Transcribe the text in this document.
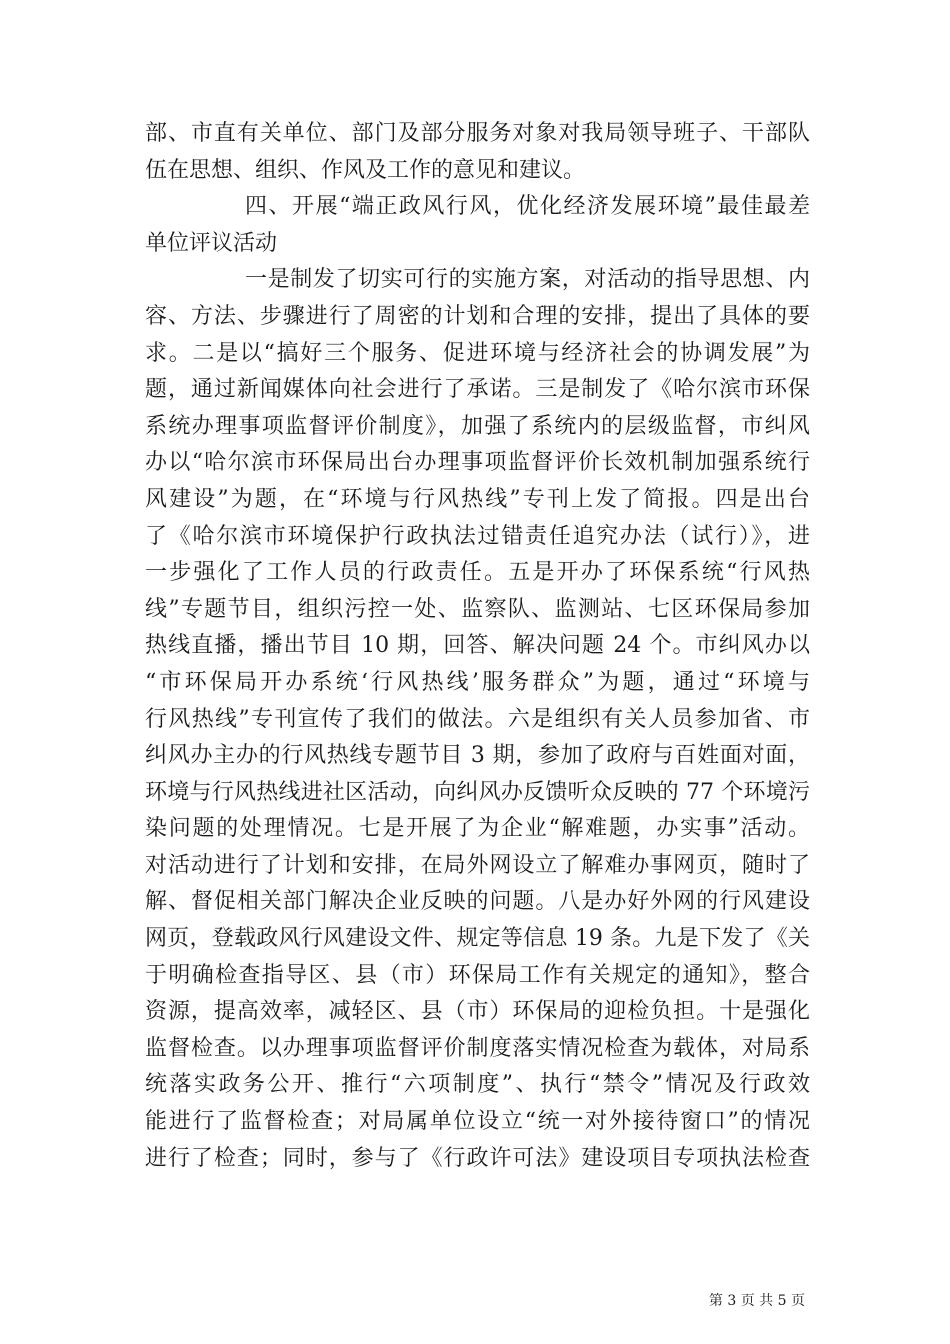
部、市直有关单位、部门及部分服务对象对我局领导班子、干部队
伍在思想、组织、作风及工作的意见和建议。
四、开展“端正政风行风，优化经济发展环境”最佳最差
单位评议活动
一是制发了切实可行的实施方案，对活动的指导思想、内
容、方法、步骤进行了周密的计划和合理的安排，提出了具体的要
求。二是以“搞好三个服务、促进环境与经济社会的协调发展”为
题，通过新闻媒体向社会进行了承诺。三是制发了《哈尔滨市环保
系统办理事项监督评价制度》，加强了系统内的层级监督，市纠风
办以“哈尔滨市环保局出台办理事项监督评价长效机制加强系统行
风建设”为题，在“环境与行风热线”专刊上发了简报。四是出台
了《哈尔滨市环境保护行政执法过错责任追究办法（试行）》，进
一步强化了工作人员的行政责任。五是开办了环保系统“行风热
线”专题节目，组织污控一处、监察队、监测站、七区环保局参加
热线直播，播出节目 10 期，回答、解决问题 24 个。市纠风办以
“市环保局开办系统‘行风热线’服务群众”为题，通过“环境与
行风热线”专刊宣传了我们的做法。六是组织有关人员参加省、市
纠风办主办的行风热线专题节目 3 期，参加了政府与百姓面对面，
环境与行风热线进社区活动，向纠风办反馈听众反映的 77 个环境污
染问题的处理情况。七是开展了为企业“解难题，办实事”活动。
对活动进行了计划和安排，在局外网设立了解难办事网页，随时了
解、督促相关部门解决企业反映的问题。八是办好外网的行风建设
网页，登载政风行风建设文件、规定等信息 19 条。九是下发了《关
于明确检查指导区、县（市）环保局工作有关规定的通知》，整合
资源，提高效率，减轻区、县（市）环保局的迎检负担。十是强化
监督检查。以办理事项监督评价制度落实情况检查为载体，对局系
统落实政务公开、推行“六项制度”、执行“禁令”情况及行政效
能进行了监督检查；对局属单位设立“统一对外接待窗口”的情况
进行了检查；同时，参与了《行政许可法》建设项目专项执法检查
第 3 页 共 5 页
